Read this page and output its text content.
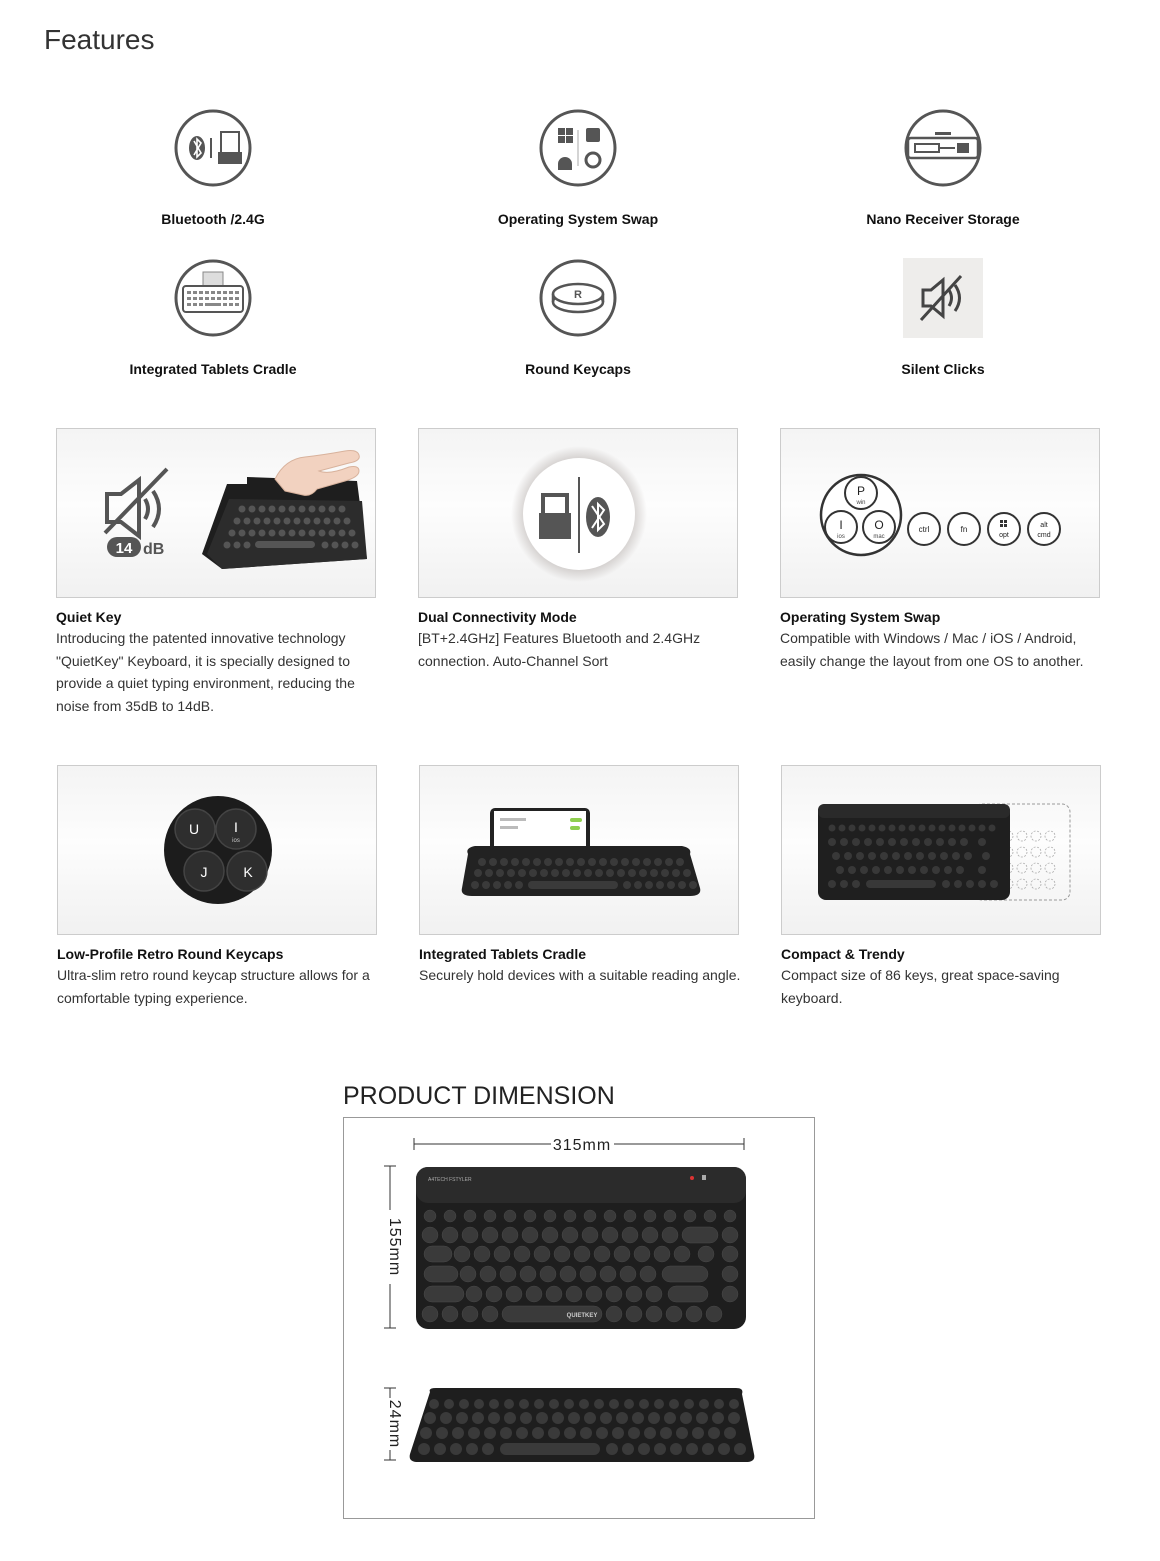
Features
R
Bluetooth /2.4G	Operating System Swap	Nano Receiver Storage
Integrated Tablets Cradle	Round Keycaps	Silent Clicks
14 dB
Quiet Key
Introducing the patented innovative technology "QuietKey" Keyboard, it is specially designed to provide a quiet typing environment, reducing the noise from 35dB to 14dB.
Dual Connectivity Mode
[BT+2.4GHz] Features Bluetooth and 2.4GHz connection. Auto-Channel Sort
P
win
I
ios
O
mac
ctrl	fn
opt
alt
cmd
Operating System Swap
Compatible with Windows / Mac / iOS / Android, easily change the layout from one OS to another.
U I
ios
J	K
Low-Profile Retro Round Keycaps
Ultra-slim retro round keycap structure allows for a comfortable typing experience.
Integrated Tablets Cradle
Securely hold devices with a suitable reading angle.
Compact & Trendy
Compact size of 86 keys, great space-saving keyboard.
PRODUCT DIMENSION
315mm
155mm
24mm
A4TECH FSTYLER
QUIETKEY
